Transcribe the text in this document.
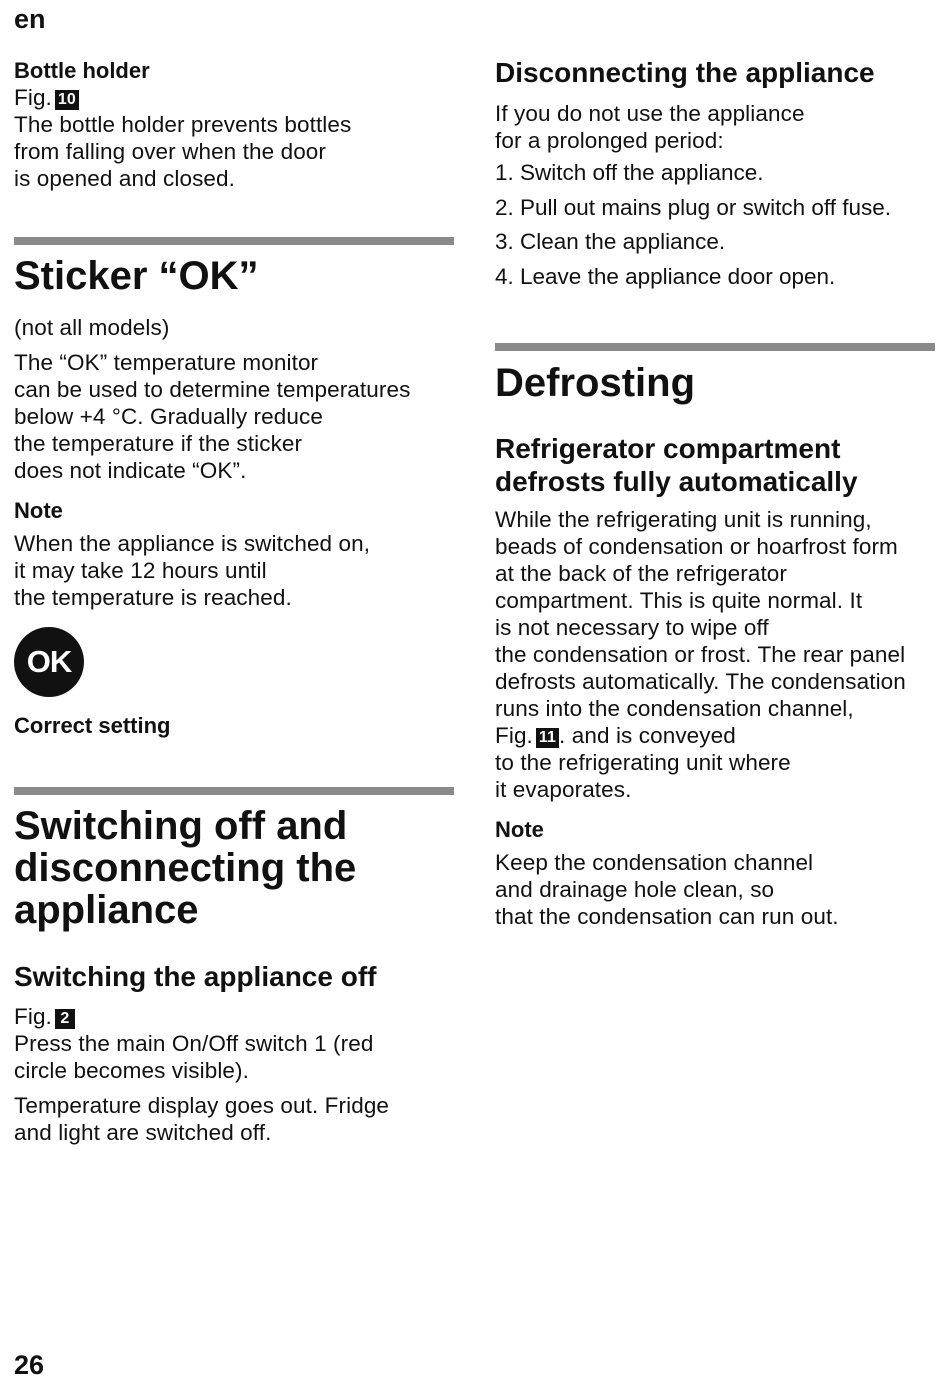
en
26
Bottle holder

Fig. 10

The bottle holder prevents bottles

from falling over when the door

is opened and closed.

Sticker “OK”
(not all models)

The “OK” temperature monitor

can be used to determine temperatures

below +4 °C. Gradually reduce

the temperature if the sticker

does not indicate “OK”.

Note

When the appliance is switched on,

it may take 12 hours until

the temperature is reached.

OK
Correct setting
Switching off and
disconnecting the
appliance
Switching the appliance off

Fig. 2

Press the main On/Off switch 1 (red

circle becomes visible).

Temperature display goes out. Fridge

and light are switched off.

Disconnecting the appliance

If you do not use the appliance

for a prolonged period:

1. Switch off the appliance.
2. Pull out mains plug or switch off fuse.
3. Clean the appliance.
4. Leave the appliance door open.
Defrosting
Refrigerator compartment
defrosts fully automatically

While the refrigerating unit is running,

beads of condensation or hoarfrost form

at the back of the refrigerator

compartment. This is quite normal. It

is not necessary to wipe off

the condensation or frost. The rear panel

defrosts automatically. The condensation

runs into the condensation channel,

Fig. 11 . and is conveyed

to the refrigerating unit where

it evaporates.

Note

Keep the condensation channel

and drainage hole clean, so

that the condensation can run out.
